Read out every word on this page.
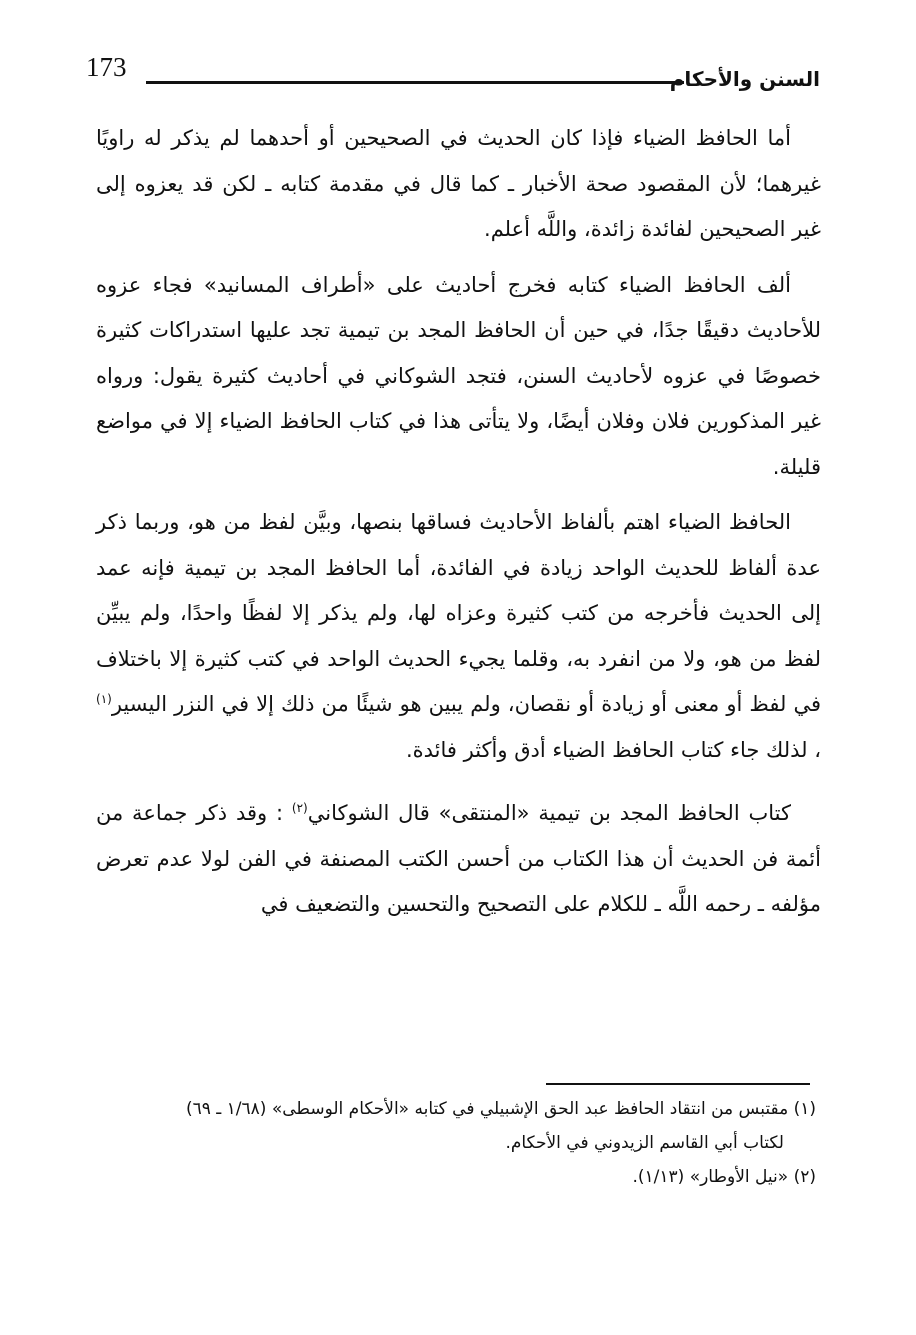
173	السنن والأحكام

أما الحافظ الضياء فإذا كان الحديث في الصحيحين أو أحدهما لم يذكر له راويًا غيرهما؛ لأن المقصود صحة الأخبار ـ كما قال في مقدمة كتابه ـ لكن قد يعزوه إلى غير الصحيحين لفائدة زائدة، واللَّه أعلم.

ألف الحافظ الضياء كتابه فخرج أحاديث على «أطراف المسانيد» فجاء عزوه للأحاديث دقيقًا جدًا، في حين أن الحافظ المجد بن تيمية تجد عليها استدراكات كثيرة خصوصًا في عزوه لأحاديث السنن، فتجد الشوكاني في أحاديث كثيرة يقول: ورواه غير المذكورين فلان وفلان أيضًا، ولا يتأتى هذا في كتاب الحافظ الضياء إلا في مواضع قليلة.

الحافظ الضياء اهتم بألفاظ الأحاديث فساقها بنصها، وبيَّن لفظ من هو، وربما ذكر عدة ألفاظ للحديث الواحد زيادة في الفائدة، أما الحافظ المجد بن تيمية فإنه عمد إلى الحديث فأخرجه من كتب كثيرة وعزاه لها، ولم يذكر إلا لفظًا واحدًا، ولم يبيِّن لفظ من هو، ولا من انفرد به، وقلما يجيء الحديث الواحد في كتب كثيرة إلا باختلاف في لفظ أو معنى أو زيادة أو نقصان، ولم يبين هو شيئًا من ذلك إلا في النزر اليسير$^{(١)}$ ، لذلك جاء كتاب الحافظ الضياء أدق وأكثر فائدة.

كتاب الحافظ المجد بن تيمية «المنتقى» قال الشوكاني$^{(٢)}$ : وقد ذكر جماعة من أئمة فن الحديث أن هذا الكتاب من أحسن الكتب المصنفة في الفن لولا عدم تعرض مؤلفه ـ رحمه اللَّه ـ للكلام على التصحيح والتحسين والتضعيف في

(١) مقتبس من انتقاد الحافظ عبد الحق الإشبيلي في كتابه «الأحكام الوسطى» (١/٦٨ ـ ٦٩)
لكتاب أبي القاسم الزيدوني في الأحكام.

(٢) «نيل الأوطار» (١/١٣).
